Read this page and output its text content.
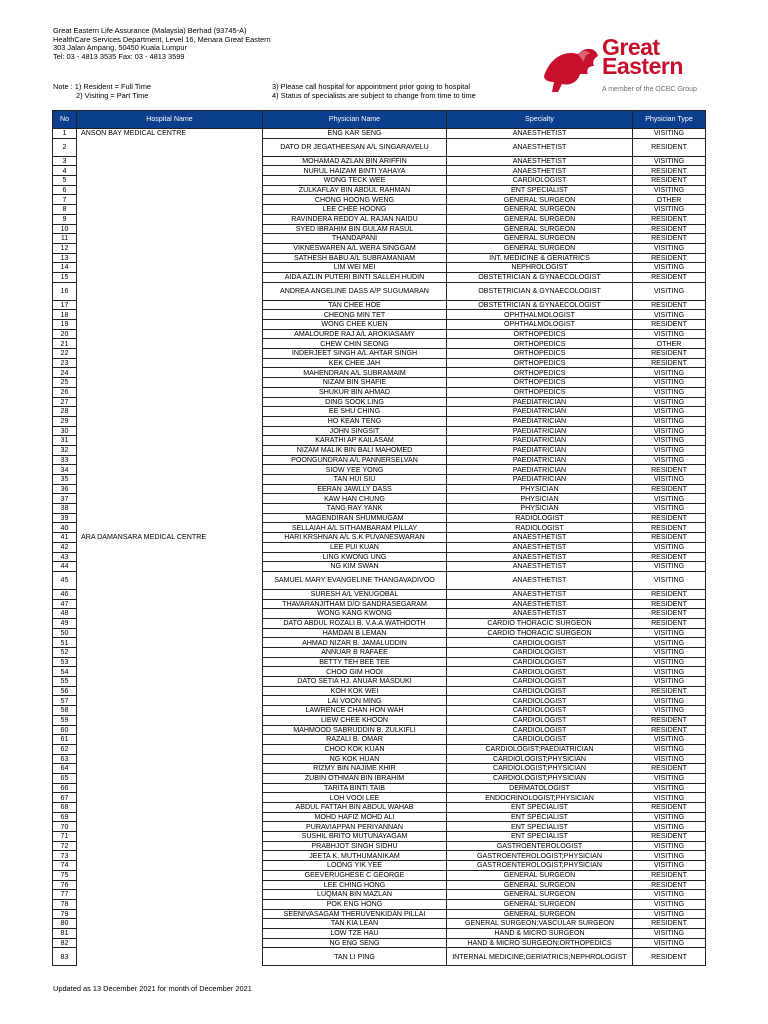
Great Eastern Life Assurance (Malaysia) Berhad (93745-A)
HealthCare Services Department, Level 16, Menara Great Eastern
303 Jalan Ampang, 50450 Kuala Lumpur
Tel: 03 - 4813 3535 Fax: 03 - 4813 3599
Note : 1) Resident = Full Time
2) Visiting = Part Time
3) Please call hospital for appointment prior going to hospital
4) Status of specialists are subject to change from time to time
Great
Eastern
A member of the OCBC Group
No	Hospital Name	Physician Name	Specialty	Physician Type
1	ANSON BAY MEDICAL CENTRE	ENG KAR SENG	ANAESTHETIST	VISITING
2		DATO DR JEGATHEESAN A/L SINGARAVELU	ANAESTHETIST	RESIDENT
3		MOHAMAD AZLAN BIN ARIFFIN	ANAESTHETIST	VISITING
4		NURUL HAIZAM BINTI YAHAYA	ANAESTHETIST	RESIDENT
5		WONG TECK WEE	CARDIOLOGIST	RESIDENT
6		ZULKAFLAY BIN ABDUL RAHMAN	ENT SPECIALIST	VISITING
7		CHONG HOONG WENG	GENERAL SURGEON	OTHER
8		LEE CHEE HOONG	GENERAL SURGEON	VISITING
9		RAVINDERA REDDY AL RAJAN NAIDU	GENERAL SURGEON	RESIDENT
10		SYED IBRAHIM BIN GULAM RASUL	GENERAL SURGEON	RESIDENT
11		THANDAPANI	GENERAL SURGEON	RESIDENT
12		VIKNESWAREN A/L WERA SINGGAM	GENERAL SURGEON	VISITING
13		SATHESH BABU A/L SUBRAMANIAM	INT. MEDICINE & GERIATRICS	RESIDENT
14		LIM WEI MEI	NEPHROLOGIST	VISITING
15		AIDA AZLIN PUTERI BINTI SALLEH HUDIN	OBSTETRICIAN & GYNAECOLOGIST	RESIDENT
16		ANDREA ANGELINE DASS A/P SUGUMARAN	OBSTETRICIAN & GYNAECOLOGIST	VISITING
17		TAN CHEE HOE	OBSTETRICIAN & GYNAECOLOGIST	RESIDENT
18		CHEONG MIN TET	OPHTHALMOLOGIST	VISITING
19		WONG CHEE KUEN	OPHTHALMOLOGIST	RESIDENT
20		AMALOURDE RAJ A/L AROKIASAMY	ORTHOPEDICS	VISITING
21		CHEW CHIN SEONG	ORTHOPEDICS	OTHER
22		INDERJEET SINGH A/L AHTAR SINGH	ORTHOPEDICS	RESIDENT
23		KEK CHEE JAH	ORTHOPEDICS	RESIDENT
24		MAHENDRAN A/L SUBRAMAIM	ORTHOPEDICS	VISITING
25		NIZAM BIN SHAFIE	ORTHOPEDICS	VISITING
26		SHUKUR BIN AHMAD	ORTHOPEDICS	VISITING
27		DING SOOK LING	PAEDIATRICIAN	VISITING
28		EE SHU CHING	PAEDIATRICIAN	VISITING
29		HO KEAN TENG	PAEDIATRICIAN	VISITING
30		JOHN SINGSIT	PAEDIATRICIAN	VISITING
31		KARATHI AP KAILASAM	PAEDIATRICIAN	VISITING
32		NIZAM MALIK BIN BALI MAHOMED	PAEDIATRICIAN	VISITING
33		POONGUNDRAN A/L PANNERSELVAN	PAEDIATRICIAN	VISITING
34		SIOW YEE YONG	PAEDIATRICIAN	RESIDENT
35		TAN HUI SIU	PAEDIATRICIAN	VISITING
36		EERAN JAWLLY DASS	PHYSICIAN	RESIDENT
37		KAW HAN CHUNG	PHYSICIAN	VISITING
38		TANG RAY YANK	PHYSICIAN	VISITING
39		MAGENDIRAN SHUMMUGAM	RADIOLOGIST	RESIDENT
40		SELLAIAH A/L SITHAMBARAM PILLAY	RADIOLOGIST	RESIDENT
41	ARA DAMANSARA MEDICAL CENTRE	HARI KRSHNAN A/L S.K PUVANESWARAN	ANAESTHETIST	RESIDENT
42		LEE PUI KUAN	ANAESTHETIST	VISITING
43		LING KWONG UNG	ANAESTHETIST	RESIDENT
44		NG KIM SWAN	ANAESTHETIST	VISITING
45		SAMUEL MARY EVANGELINE THANGAVADIVOO	ANAESTHETIST	VISITING
46		SURESH A/L VENUGOBAL	ANAESTHETIST	RESIDENT
47		THAVARANJITHAM D/O SANDRASEGARAM	ANAESTHETIST	RESIDENT
48		WONG KANG KWONG	ANAESTHETIST	RESIDENT
49		DATO ABDUL ROZALI B. V.A.A.WATHOOTH	CARDIO THORACIC SURGEON	RESIDENT
50		HAMDAN B LEMAN	CARDIO THORACIC SURGEON	VISITING
51		AHMAD NIZAR B. JAMALUDDIN	CARDIOLOGIST	VISITING
52		ANNUAR B RAFAEE	CARDIOLOGIST	VISITING
53		BETTY TEH BEE TEE	CARDIOLOGIST	VISITING
54		CHOO GIM HOOI	CARDIOLOGIST	VISITING
55		DATO SETIA HJ. ANUAR MASDUKI	CARDIOLOGIST	VISITING
56		KOH KOK WEI	CARDIOLOGIST	RESIDENT
57		LAI VOON MING	CARDIOLOGIST	VISITING
58		LAWRENCE CHAN HON WAH	CARDIOLOGIST	VISITING
59		LIEW CHEE KHOON	CARDIOLOGIST	RESIDENT
60		MAHMOOD SABRUDDIN B. ZULKIFLI	CARDIOLOGIST	RESIDENT
61		RAZALI B. OMAR	CARDIOLOGIST	VISITING
62		CHOO KOK KUAN	CARDIOLOGIST;PAEDIATRICIAN	VISITING
63		NG KOK HUAN	CARDIOLOGIST;PHYSICIAN	VISITING
64		RIZMY BIN NAJIME KHIR	CARDIOLOGIST;PHYSICIAN	RESIDENT
65		ZUBIN OTHMAN BIN IBRAHIM	CARDIOLOGIST;PHYSICIAN	VISITING
66		TARITA BINTI TAIB	DERMATOLOGIST	VISITING
67		LOH VOOI LEE	ENDOCRINOLOGIST;PHYSICIAN	VISITING
68		ABDUL FATTAH BIN ABDUL WAHAB	ENT SPECIALIST	RESIDENT
69		MOHD HAFIZ MOHD ALI	ENT SPECIALIST	VISITING
70		PURAVIAPPAN PERIYANNAN	ENT SPECIALIST	VISITING
71		SUSHIL BRITO MUTUNAYAGAM	ENT SPECIALIST	RESIDENT
72		PRABHJOT SINGH SIDHU	GASTROENTEROLOGIST	VISITING
73		JEETA K. MUTHUMANIKAM	GASTROENTEROLOGIST;PHYSICIAN	VISITING
74		LOONG YIK YEE	GASTROENTEROLOGIST;PHYSICIAN	VISITING
75		GEEVERUGHESE C GEORGE	GENERAL SURGEON	RESIDENT
76		LEE CHING HONG	GENERAL SURGEON	RESIDENT
77		LUQMAN BIN MAZLAN	GENERAL SURGEON	VISITING
78		POK ENG HONG	GENERAL SURGEON	VISITING
79		SEENIVASAGAM THERUVENKIDAN PILLAI	GENERAL SURGEON	VISITING
80		TAN KIA LEAN	GENERAL SURGEON;VASCULAR SURGEON	RESIDENT
81		LOW TZE HAU	HAND & MICRO SURGEON	VISITING
82		NG ENG SENG	HAND & MICRO SURGEON;ORTHOPEDICS	VISITING
83		TAN LI PING	INTERNAL MEDICINE;GERIATRICS;NEPHROLOGIST	RESIDENT
Updated as 13 December 2021 for month of December 2021
